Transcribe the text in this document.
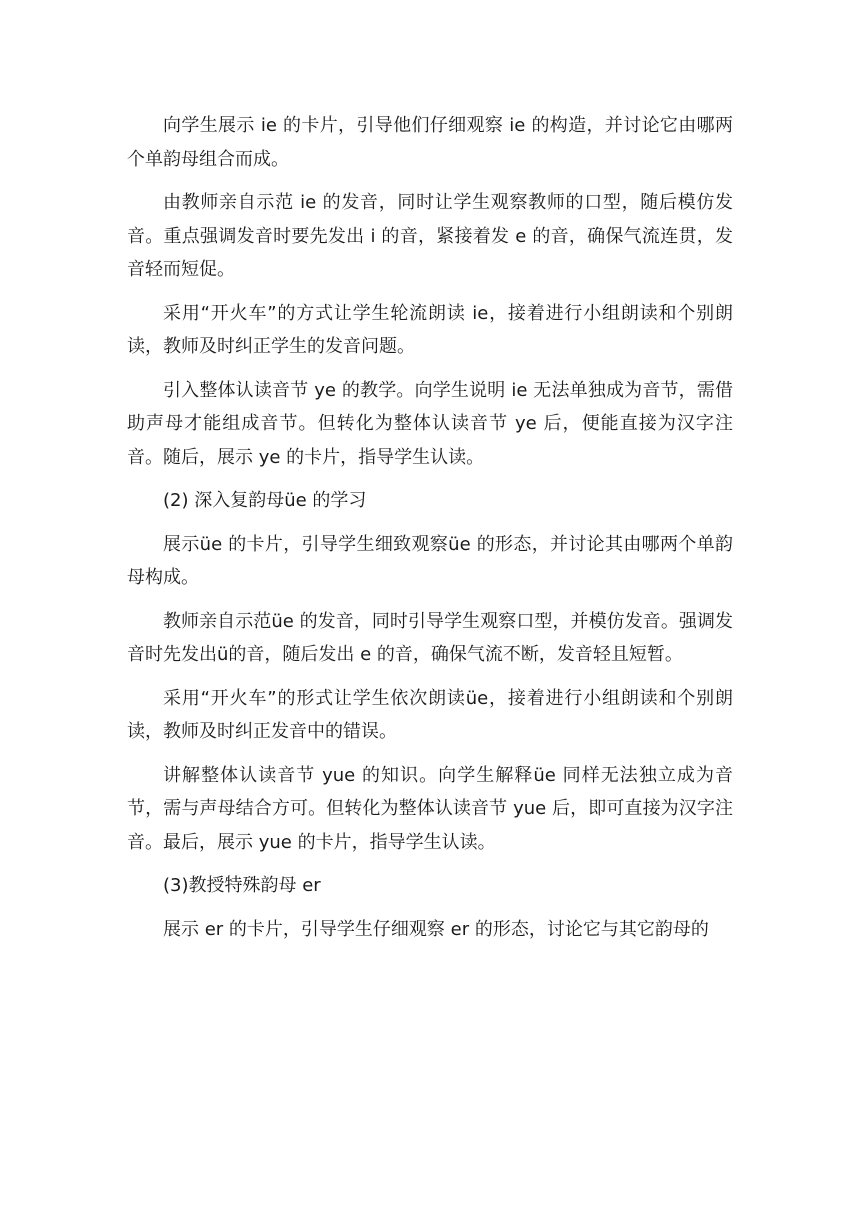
向学生展示 ie 的卡片，引导他们仔细观察 ie 的构造，并讨论它由哪两个单韵母组合而成。

由教师亲自示范 ie 的发音，同时让学生观察教师的口型，随后模仿发音。重点强调发音时要先发出 i 的音，紧接着发 e 的音，确保气流连贯，发音轻而短促。

采用“开火车”的方式让学生轮流朗读 ie，接着进行小组朗读和个别朗读，教师及时纠正学生的发音问题。

引入整体认读音节 ye 的教学。向学生说明 ie 无法单独成为音节，需借助声母才能组成音节。但转化为整体认读音节 ye 后，便能直接为汉字注音。随后，展示 ye 的卡片，指导学生认读。

(2) 深入复韵母üe 的学习

展示üe 的卡片，引导学生细致观察üe 的形态，并讨论其由哪两个单韵母构成。

教师亲自示范üe 的发音，同时引导学生观察口型，并模仿发音。强调发音时先发出ü的音，随后发出 e 的音，确保气流不断，发音轻且短暂。

采用“开火车”的形式让学生依次朗读üe，接着进行小组朗读和个别朗读，教师及时纠正发音中的错误。

讲解整体认读音节 yue 的知识。向学生解释üe 同样无法独立成为音节，需与声母结合方可。但转化为整体认读音节 yue 后，即可直接为汉字注音。最后，展示 yue 的卡片，指导学生认读。

(3)教授特殊韵母 er

展示 er 的卡片，引导学生仔细观察 er 的形态，讨论它与其它韵母的
